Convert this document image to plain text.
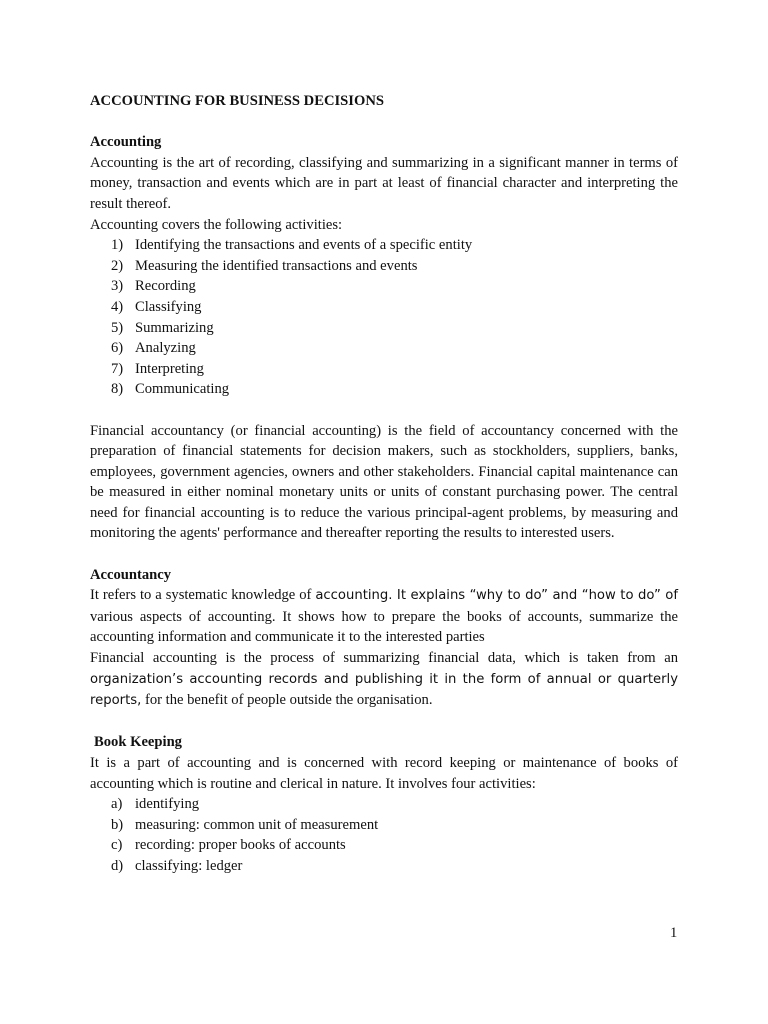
ACCOUNTING FOR BUSINESS DECISIONS

Accounting

Accounting is the art of recording, classifying and summarizing in a significant manner in terms of money, transaction and events which are in part at least of financial character and interpreting the result thereof.

Accounting covers the following activities:

1) Identifying the transactions and events of a specific entity
2) Measuring the identified transactions and events
3) Recording
4) Classifying
5) Summarizing
6) Analyzing
7) Interpreting
8) Communicating

Financial accountancy (or financial accounting) is the field of accountancy concerned with the preparation of financial statements for decision makers, such as stockholders, suppliers, banks, employees, government agencies, owners and other stakeholders. Financial capital maintenance can be measured in either nominal monetary units or units of constant purchasing power. The central need for financial accounting is to reduce the various principal-agent problems, by measuring and monitoring the agents' performance and thereafter reporting the results to interested users.

Accountancy

It refers to a systematic knowledge of accounting. It explains “why to do” and “how to do” of various aspects of accounting. It shows how to prepare the books of accounts, summarize the accounting information and communicate it to the interested parties

Financial accounting is the process of summarizing financial data, which is taken from an organization’s accounting records and publishing it in the form of annual or quarterly reports, for the benefit of people outside the organisation.

Book Keeping

It is a part of accounting and is concerned with record keeping or maintenance of books of accounting which is routine and clerical in nature. It involves four activities:

a) identifying
b) measuring: common unit of measurement
c) recording: proper books of accounts
d) classifying: ledger
1
